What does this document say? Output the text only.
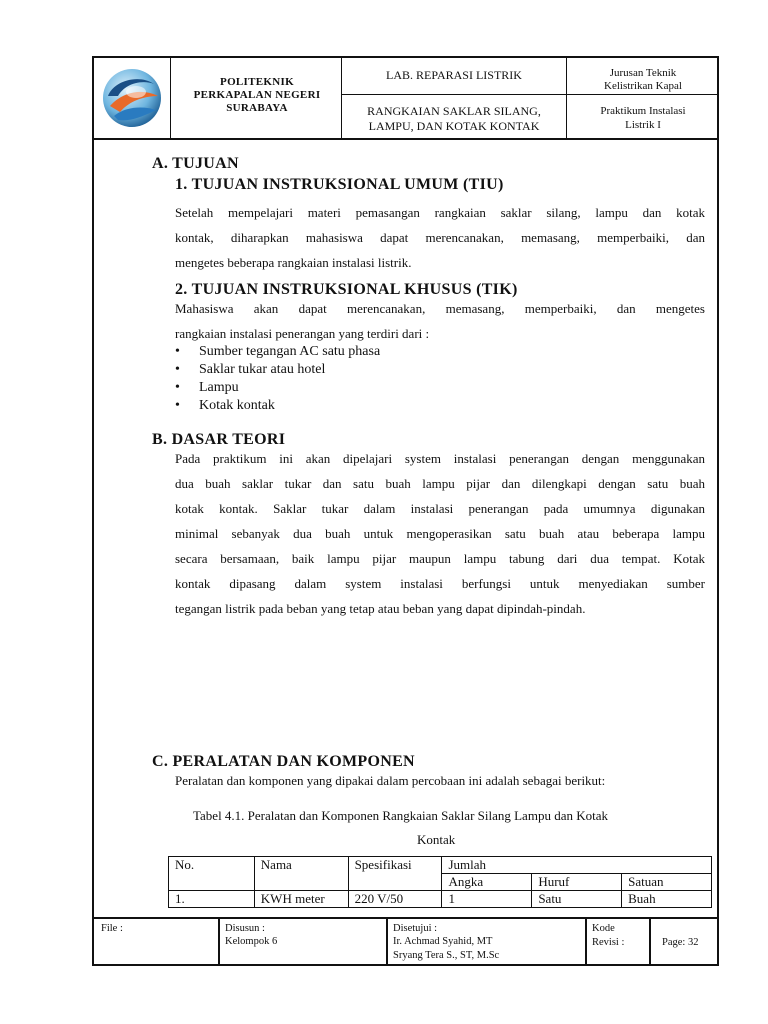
POLITEKNIK
PERKAPALAN NEGERI
SURABAYA
LAB. REPARASI LISTRIK
RANGKAIAN SAKLAR SILANG,
LAMPU, DAN KOTAK KONTAK
Jurusan Teknik
Kelistrikan Kapal
Praktikum Instalasi
Listrik I
A. TUJUAN
1. TUJUAN INSTRUKSIONAL UMUM (TIU)
Setelah mempelajari materi pemasangan rangkaian saklar silang, lampu dan kotak
kontak, diharapkan mahasiswa dapat merencanakan, memasang, memperbaiki, dan
mengetes beberapa rangkaian instalasi listrik.
2. TUJUAN INSTRUKSIONAL KHUSUS (TIK)
Mahasiswa akan dapat merencanakan, memasang, memperbaiki, dan mengetes
rangkaian instalasi penerangan yang terdiri dari :
• Sumber tegangan AC satu phasa
• Saklar tukar atau hotel
• Lampu
• Kotak kontak
B. DASAR TEORI
Pada praktikum ini akan dipelajari system instalasi penerangan dengan menggunakan
dua buah saklar tukar dan satu buah lampu pijar dan dilengkapi dengan satu buah
kotak kontak. Saklar tukar dalam instalasi penerangan pada umumnya digunakan
minimal sebanyak dua buah untuk mengoperasikan satu buah atau beberapa lampu
secara bersamaan, baik lampu pijar maupun lampu tabung dari dua tempat. Kotak
kontak dipasang dalam system instalasi berfungsi untuk menyediakan sumber
tegangan listrik pada beban yang tetap atau beban yang dapat dipindah-pindah.
C. PERALATAN DAN KOMPONEN
Peralatan dan komponen yang dipakai dalam percobaan ini adalah sebagai berikut:
Tabel 4.1. Peralatan dan Komponen Rangkaian Saklar Silang Lampu dan Kotak
Kontak
No.	Nama	Spesifikasi	Jumlah		
			Angka	Huruf	Satuan
1.	KWH meter	220 V/50	1	Satu	Buah
File :	Disusun :
Kelompok 6
Disetujui :
Ir. Achmad Syahid, MT
Sryang Tera S., ST, M.Sc
Kode
Revisi :	Page: 32
